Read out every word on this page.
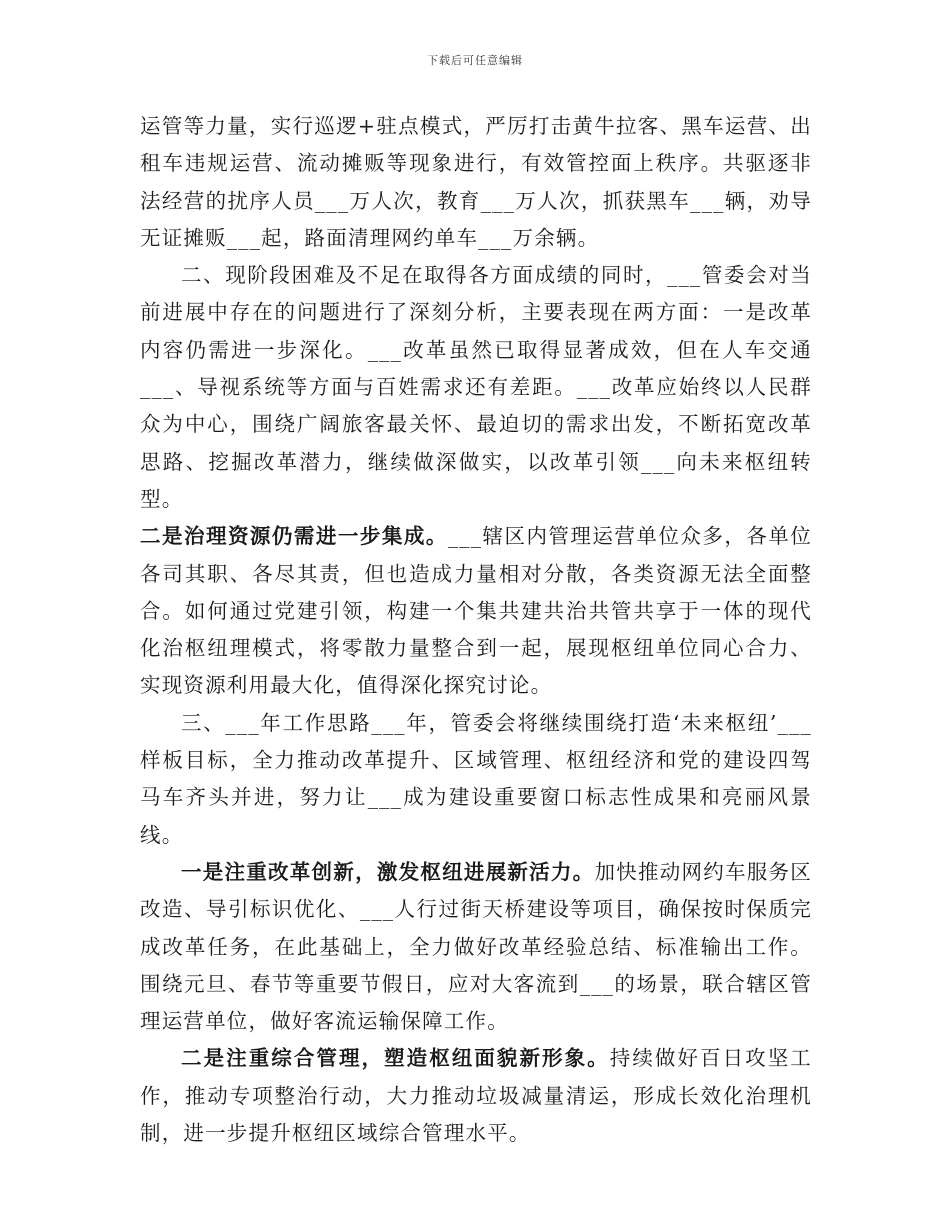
下载后可任意编辑

运管等力量，实行巡逻+驻点模式，严厉打击黄牛拉客、黑车运营、出租车违规运营、流动摊贩等现象进行，有效管控面上秩序。共驱逐非法经营的扰序人员___万人次，教育___万人次，抓获黑车___辆，劝导无证摊贩___起，路面清理网约单车___万余辆。

二、现阶段困难及不足在取得各方面成绩的同时，___管委会对当前进展中存在的问题进行了深刻分析，主要表现在两方面：一是改革内容仍需进一步深化。___改革虽然已取得显著成效，但在人车交通___、导视系统等方面与百姓需求还有差距。___改革应始终以人民群众为中心，围绕广阔旅客最关怀、最迫切的需求出发，不断拓宽改革思路、挖掘改革潜力，继续做深做实，以改革引领___向未来枢纽转型。

二是治理资源仍需进一步集成。___辖区内管理运营单位众多，各单位各司其职、各尽其责，但也造成力量相对分散，各类资源无法全面整合。如何通过党建引领，构建一个集共建共治共管共享于一体的现代化治枢纽理模式，将零散力量整合到一起，展现枢纽单位同心合力、实现资源利用最大化，值得深化探究讨论。

三、___年工作思路___年，管委会将继续围绕打造‘未来枢纽’___样板目标，全力推动改革提升、区域管理、枢纽经济和党的建设四驾马车齐头并进，努力让___成为建设重要窗口标志性成果和亮丽风景线。

一是注重改革创新，激发枢纽进展新活力。加快推动网约车服务区改造、导引标识优化、___人行过街天桥建设等项目，确保按时保质完成改革任务，在此基础上，全力做好改革经验总结、标准输出工作。围绕元旦、春节等重要节假日，应对大客流到___的场景，联合辖区管理运营单位，做好客流运输保障工作。

二是注重综合管理，塑造枢纽面貌新形象。持续做好百日攻坚工作，推动专项整治行动，大力推动垃圾减量清运，形成长效化治理机制，进一步提升枢纽区域综合管理水平。
